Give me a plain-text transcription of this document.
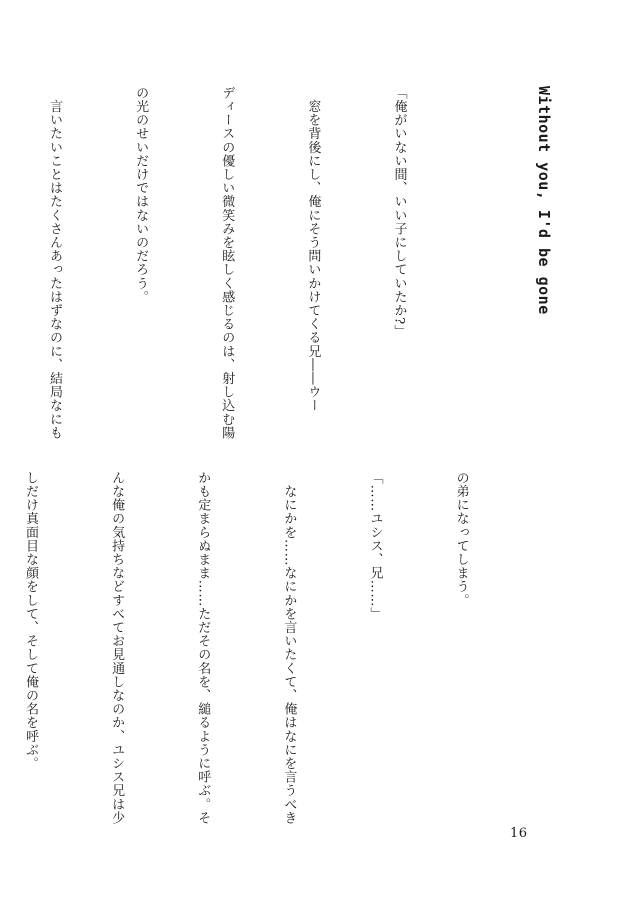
Without you, I'd be gone

「俺がいない間、いい子にしていたか?」

　窓を背後にし、俺にそう問いかけてくる兄――ウー

ディースの優しい微笑みを眩しく感じるのは、射し込む陽

の光のせいだけではないのだろう。

　言いたいことはたくさんあったはずなのに、結局なにも

の弟になってしまう。

「……ユシス、兄……」

　なにかを……なにかを言いたくて、俺はなにを言うべき

かも定まらぬまま……ただその名を、縋るように呼ぶ。そ

んな俺の気持ちなどすべてお見通しなのか、ユシス兄は少

しだけ真面目な顔をして、そして俺の名を呼ぶ。

16
